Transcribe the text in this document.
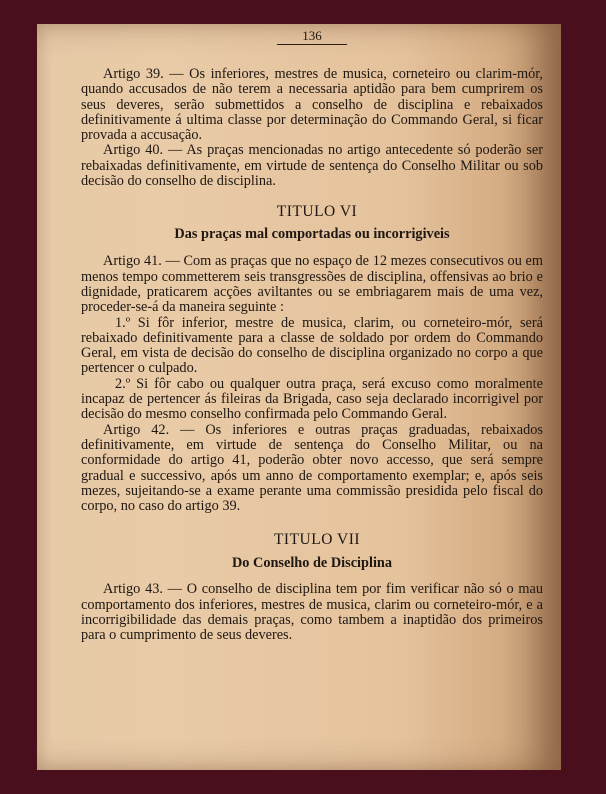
136

Artigo 39. — Os inferiores, mestres de musica, corneteiro ou clarim-mór, quando accusados de não terem a necessaria aptidão para bem cumprirem os seus deveres, serão submettidos a conselho de disciplina e rebaixados definitivamente á ultima classe por determinação do Commando Geral, si ficar provada a accusação.

Artigo 40. — As praças mencionadas no artigo antecedente só poderão ser rebaixadas definitivamente, em virtude de sentença do Conselho Militar ou sob decisão do conselho de disciplina.

TITULO VI
Das praças mal comportadas ou incorrigiveis

Artigo 41. — Com as praças que no espaço de 12 mezes consecutivos ou em menos tempo commetterem seis transgressões de disciplina, offensivas ao brio e dignidade, praticarem acções aviltantes ou se embriagarem mais de uma vez, proceder-se-á da maneira seguinte :

1.º Si fôr inferior, mestre de musica, clarim, ou corneteiro-mór, será rebaixado definitivamente para a classe de soldado por ordem do Commando Geral, em vista de decisão do conselho de disciplina organizado no corpo a que pertencer o culpado.

2.º Si fôr cabo ou qualquer outra praça, será excuso como moralmente incapaz de pertencer ás fileiras da Brigada, caso seja declarado incorrigivel por decisão do mesmo conselho confirmada pelo Commando Geral.

Artigo 42. — Os inferiores e outras praças graduadas, rebaixados definitivamente, em virtude de sentença do Conselho Militar, ou na conformidade do artigo 41, poderão obter novo accesso, que será sempre gradual e successivo, após um anno de comportamento exemplar; e, após seis mezes, sujeitando-se a exame perante uma commissão presidida pelo fiscal do corpo, no caso do artigo 39.

TITULO VII
Do Conselho de Disciplina

Artigo 43. — O conselho de disciplina tem por fim verificar não só o mau comportamento dos inferiores, mestres de musica, clarim ou corneteiro-mór, e a incorrigibilidade das demais praças, como tambem a inaptidão dos primeiros para o cumprimento de seus deveres.
